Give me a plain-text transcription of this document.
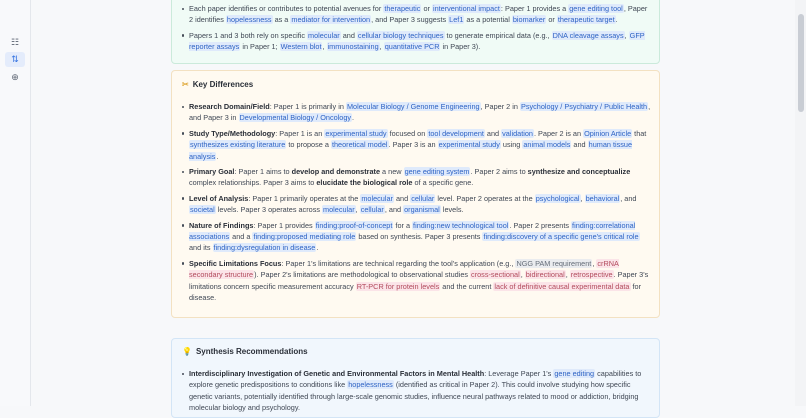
☷
⇅
⊕
Each paper identifies or contributes to potential avenues for therapeutic or interventional impact: Paper 1 provides a gene editing tool, Paper 2 identifies hopelessness as a mediator for intervention, and Paper 3 suggests Lef1 as a potential biomarker or therapeutic target.
Papers 1 and 3 both rely on specific molecular and cellular biology techniques to generate empirical data (e.g., DNA cleavage assays, GFP reporter assays in Paper 1; Western blot, immunostaining, quantitative PCR in Paper 3).
✂ Key Differences
Research Domain/Field: Paper 1 is primarily in Molecular Biology / Genome Engineering, Paper 2 in Psychology / Psychiatry / Public Health, and Paper 3 in Developmental Biology / Oncology.
Study Type/Methodology: Paper 1 is an experimental study focused on tool development and validation. Paper 2 is an Opinion Article that synthesizes existing literature to propose a theoretical model. Paper 3 is an experimental study using animal models and human tissue analysis.
Primary Goal: Paper 1 aims to develop and demonstrate a new gene editing system. Paper 2 aims to synthesize and conceptualize complex relationships. Paper 3 aims to elucidate the biological role of a specific gene.
Level of Analysis: Paper 1 primarily operates at the molecular and cellular level. Paper 2 operates at the psychological, behavioral, and societal levels. Paper 3 operates across molecular, cellular, and organismal levels.
Nature of Findings: Paper 1 provides finding:proof-of-concept for a finding:new technological tool. Paper 2 presents finding:correlational associations and a finding:proposed mediating role based on synthesis. Paper 3 presents finding:discovery of a specific gene's critical role and its finding:dysregulation in disease.
Specific Limitations Focus: Paper 1's limitations are technical regarding the tool's application (e.g., NGG PAM requirement, crRNA secondary structure). Paper 2's limitations are methodological to observational studies cross-sectional, bidirectional, retrospective. Paper 3's limitations concern specific measurement accuracy RT-PCR for protein levels and the current lack of definitive causal experimental data for disease.
💡 Synthesis Recommendations
Interdisciplinary Investigation of Genetic and Environmental Factors in Mental Health: Leverage Paper 1's gene editing capabilities to explore genetic predispositions to conditions like hopelessness (identified as critical in Paper 2). This could involve studying how specific genetic variants, potentially identified through large-scale genomic studies, influence neural pathways related to mood or addiction, bridging molecular biology and psychology.
